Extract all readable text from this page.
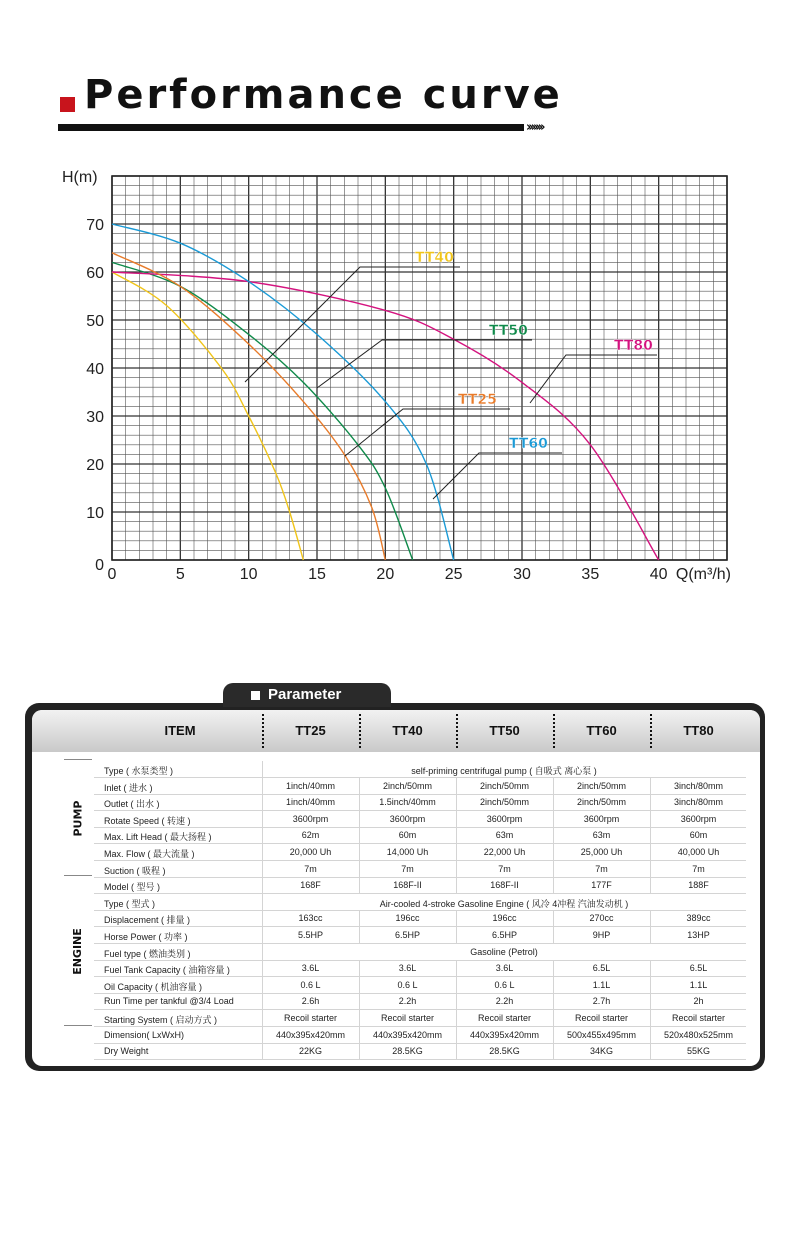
Performance curve
›››››››
0	5	10	15	20	25	30	35	40
10
20
30
40
50
60
70
0
H(m)
Q(m³/h)
TT40
TT50
TT80
TT25
TT60
Parameter
ITEM	TT25	TT40	TT50	TT60	TT80
Type ( 水泵类型 )	self-priming centrifugal pump ( 自吸式 离心泵 )
Inlet ( 进水 )	1inch/40mm	2inch/50mm	2inch/50mm	2inch/50mm	3inch/80mm
Outlet ( 出水 )	1inch/40mm	1.5inch/40mm	2inch/50mm	2inch/50mm	3inch/80mm
Rotate Speed ( 转速 )	3600rpm	3600rpm	3600rpm	3600rpm	3600rpm
Max. Lift Head ( 最大扬程 )	62m	60m	63m	63m	60m
Max. Flow ( 最大流量 )	20,000 Uh	14,000 Uh	22,000 Uh	25,000 Uh	40,000 Uh
Suction ( 吸程 )	7m	7m	7m	7m	7m
PUMP
Model ( 型号 )	168F	168F-II	168F-II	177F	188F
Type ( 型式 )	Air-cooled 4-stroke Gasoline Engine ( 风冷 4冲程 汽油发动机 )
Displacement ( 排量 )	163cc	196cc	196cc	270cc	389cc
Horse Power ( 功率 )	5.5HP	6.5HP	6.5HP	9HP	13HP
Fuel type ( 燃油类别 )	Gasoline (Petrol)
Fuel Tank Capacity ( 油箱容量 )	3.6L	3.6L	3.6L	6.5L	6.5L
Oil Capacity ( 机油容量 )	0.6 L	0.6 L	0.6 L	1.1L	1.1L
Run Time per tankful @3/4 Load	2.6h	2.2h	2.2h	2.7h	2h
Starting System ( 启动方式 )	Recoil starter	Recoil starter	Recoil starter	Recoil starter	Recoil starter
ENGINE
Dimension( LxWxH)	440x395x420mm	440x395x420mm	440x395x420mm	500x455x495mm	520x480x525mm
Dry Weight	22KG	28.5KG	28.5KG	34KG	55KG
